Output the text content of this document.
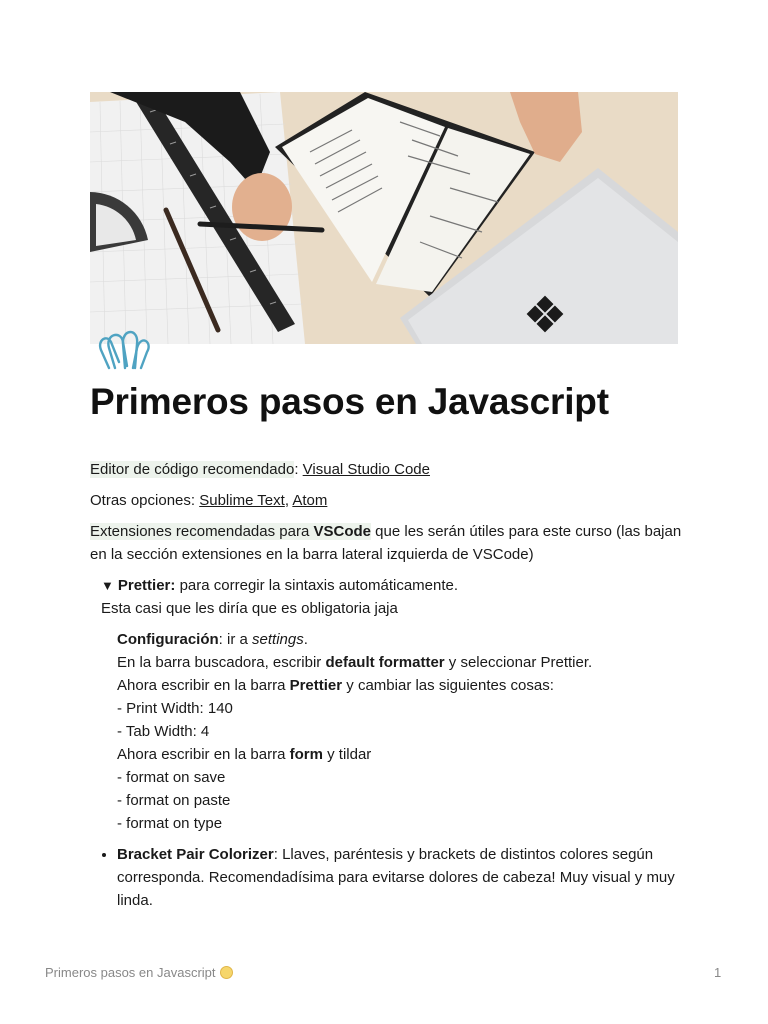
Primeros pasos en Javascript

Editor de código recomendado: Visual Studio Code

Otras opciones: Sublime Text, Atom

Extensiones recomendadas para VSCode que les serán útiles para este curso (las bajan en la sección extensiones en la barra lateral izquierda de VSCode)

▼ Prettier: para corregir la sintaxis automáticamente.
Esta casi que les diría que es obligatoria jaja
Configuración: ir a settings.
En la barra buscadora, escribir default formatter y seleccionar Prettier.
Ahora escribir en la barra Prettier y cambiar las siguientes cosas:
- Print Width: 140
- Tab Width: 4
Ahora escribir en la barra form y tildar
- format on save
- format on paste
- format on type
• Bracket Pair Colorizer: Llaves, paréntesis y brackets de distintos colores según corresponda. Recomendadísima para evitarse dolores de cabeza! Muy visual y muy linda.
Primeros pasos en Javascript	1
